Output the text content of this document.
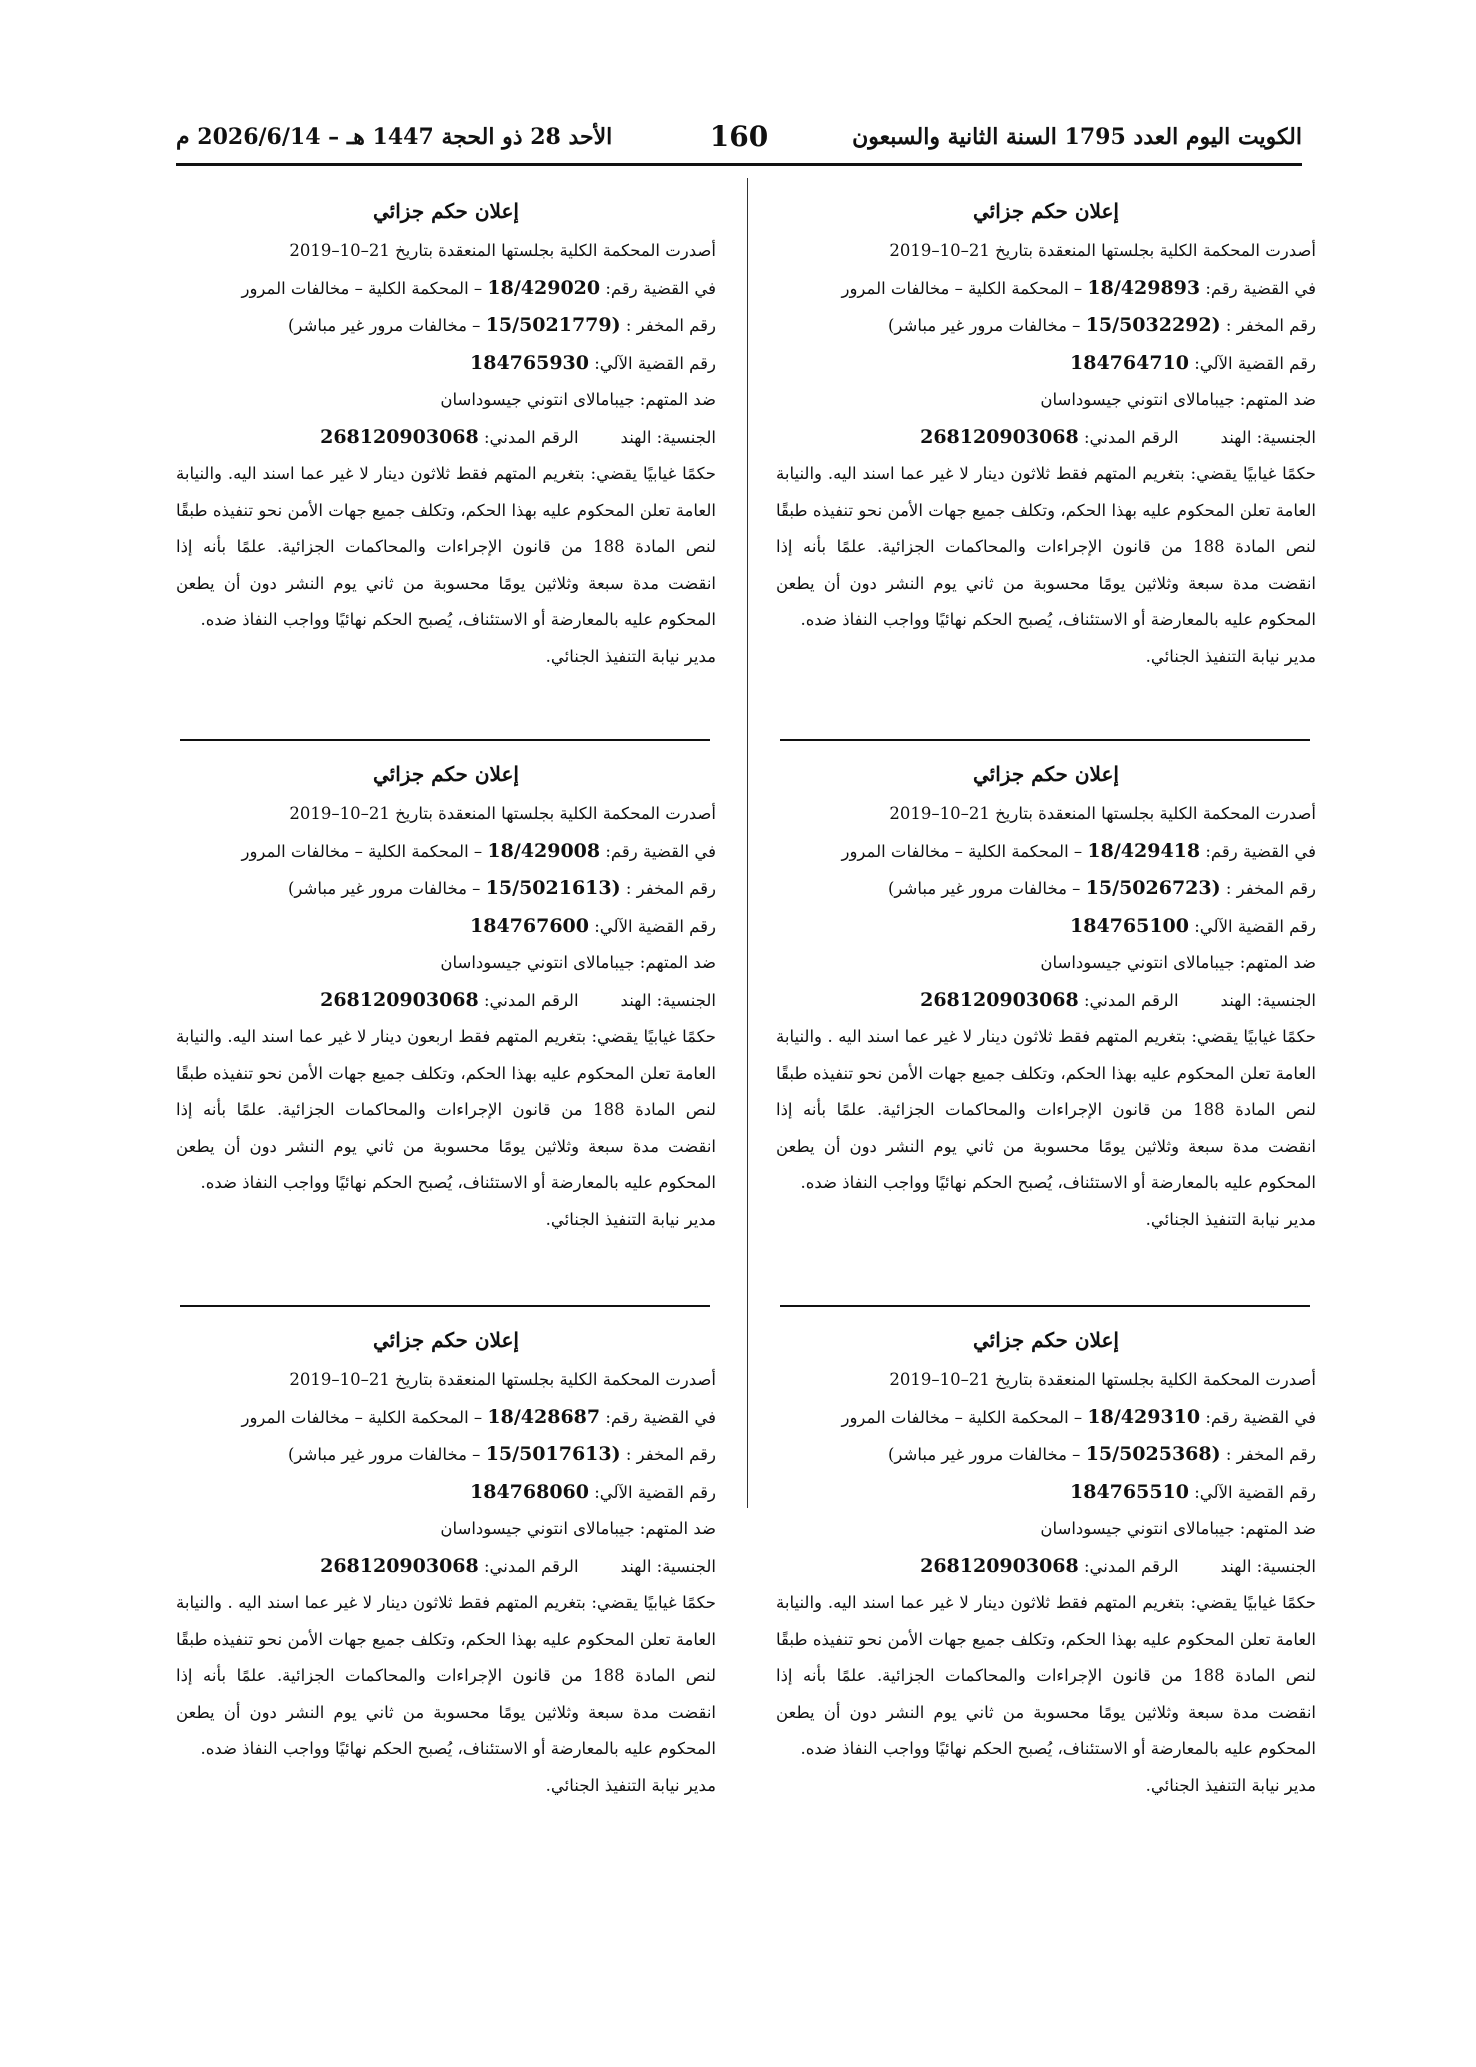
الكويت اليوم العدد 1795 السنة الثانية والسبعون
160
الأحد 28 ذو الحجة 1447 هـ – 2026/6/14 م
إعلان حكم جزائي
أصدرت المحكمة الكلية بجلستها المنعقدة بتاريخ 21–10–2019
في القضية رقم: 18/429893 – المحكمة الكلية – مخالفات المرور
رقم المخفر : (15/5032292 – مخالفات مرور غير مباشر)
رقم القضية الآلي: 184764710
ضد المتهم: جيبامالاى انتوني جيسوداسان
الجنسية: الهندالرقم المدني: 268120903068
حكمًا غيابيًا يقضي: بتغريم المتهم فقط ثلاثون دينار لا غير عما اسند اليه. والنيابة العامة تعلن المحكوم عليه بهذا الحكم، وتكلف جميع جهات الأمن نحو تنفيذه طبقًا لنص المادة 188 من قانون الإجراءات والمحاكمات الجزائية. علمًا بأنه إذا انقضت مدة سبعة وثلاثين يومًا محسوبة من ثاني يوم النشر دون أن يطعن المحكوم عليه بالمعارضة أو الاستئناف، يُصبح الحكم نهائيًا وواجب النفاذ ضده.
مدير نيابة التنفيذ الجنائي.
إعلان حكم جزائي
أصدرت المحكمة الكلية بجلستها المنعقدة بتاريخ 21–10–2019
في القضية رقم: 18/429020 – المحكمة الكلية – مخالفات المرور
رقم المخفر : (15/5021779 – مخالفات مرور غير مباشر)
رقم القضية الآلي: 184765930
ضد المتهم: جيبامالاى انتوني جيسوداسان
الجنسية: الهندالرقم المدني: 268120903068
حكمًا غيابيًا يقضي: بتغريم المتهم فقط ثلاثون دينار لا غير عما اسند اليه. والنيابة العامة تعلن المحكوم عليه بهذا الحكم، وتكلف جميع جهات الأمن نحو تنفيذه طبقًا لنص المادة 188 من قانون الإجراءات والمحاكمات الجزائية. علمًا بأنه إذا انقضت مدة سبعة وثلاثين يومًا محسوبة من ثاني يوم النشر دون أن يطعن المحكوم عليه بالمعارضة أو الاستئناف، يُصبح الحكم نهائيًا وواجب النفاذ ضده.
مدير نيابة التنفيذ الجنائي.
إعلان حكم جزائي
أصدرت المحكمة الكلية بجلستها المنعقدة بتاريخ 21–10–2019
في القضية رقم: 18/429418 – المحكمة الكلية – مخالفات المرور
رقم المخفر : (15/5026723 – مخالفات مرور غير مباشر)
رقم القضية الآلي: 184765100
ضد المتهم: جيبامالاى انتوني جيسوداسان
الجنسية: الهندالرقم المدني: 268120903068
حكمًا غيابيًا يقضي: بتغريم المتهم فقط ثلاثون دينار لا غير عما اسند اليه . والنيابة العامة تعلن المحكوم عليه بهذا الحكم، وتكلف جميع جهات الأمن نحو تنفيذه طبقًا لنص المادة 188 من قانون الإجراءات والمحاكمات الجزائية. علمًا بأنه إذا انقضت مدة سبعة وثلاثين يومًا محسوبة من ثاني يوم النشر دون أن يطعن المحكوم عليه بالمعارضة أو الاستئناف، يُصبح الحكم نهائيًا وواجب النفاذ ضده.
مدير نيابة التنفيذ الجنائي.
إعلان حكم جزائي
أصدرت المحكمة الكلية بجلستها المنعقدة بتاريخ 21–10–2019
في القضية رقم: 18/429008 – المحكمة الكلية – مخالفات المرور
رقم المخفر : (15/5021613 – مخالفات مرور غير مباشر)
رقم القضية الآلي: 184767600
ضد المتهم: جيبامالاى انتوني جيسوداسان
الجنسية: الهندالرقم المدني: 268120903068
حكمًا غيابيًا يقضي: بتغريم المتهم فقط اربعون دينار لا غير عما اسند اليه. والنيابة العامة تعلن المحكوم عليه بهذا الحكم، وتكلف جميع جهات الأمن نحو تنفيذه طبقًا لنص المادة 188 من قانون الإجراءات والمحاكمات الجزائية. علمًا بأنه إذا انقضت مدة سبعة وثلاثين يومًا محسوبة من ثاني يوم النشر دون أن يطعن المحكوم عليه بالمعارضة أو الاستئناف، يُصبح الحكم نهائيًا وواجب النفاذ ضده.
مدير نيابة التنفيذ الجنائي.
إعلان حكم جزائي
أصدرت المحكمة الكلية بجلستها المنعقدة بتاريخ 21–10–2019
في القضية رقم: 18/429310 – المحكمة الكلية – مخالفات المرور
رقم المخفر : (15/5025368 – مخالفات مرور غير مباشر)
رقم القضية الآلي: 184765510
ضد المتهم: جيبامالاى انتوني جيسوداسان
الجنسية: الهندالرقم المدني: 268120903068
حكمًا غيابيًا يقضي: بتغريم المتهم فقط ثلاثون دينار لا غير عما اسند اليه. والنيابة العامة تعلن المحكوم عليه بهذا الحكم، وتكلف جميع جهات الأمن نحو تنفيذه طبقًا لنص المادة 188 من قانون الإجراءات والمحاكمات الجزائية. علمًا بأنه إذا انقضت مدة سبعة وثلاثين يومًا محسوبة من ثاني يوم النشر دون أن يطعن المحكوم عليه بالمعارضة أو الاستئناف، يُصبح الحكم نهائيًا وواجب النفاذ ضده.
مدير نيابة التنفيذ الجنائي.
إعلان حكم جزائي
أصدرت المحكمة الكلية بجلستها المنعقدة بتاريخ 21–10–2019
في القضية رقم: 18/428687 – المحكمة الكلية – مخالفات المرور
رقم المخفر : (15/5017613 – مخالفات مرور غير مباشر)
رقم القضية الآلي: 184768060
ضد المتهم: جيبامالاى انتوني جيسوداسان
الجنسية: الهندالرقم المدني: 268120903068
حكمًا غيابيًا يقضي: بتغريم المتهم فقط ثلاثون دينار لا غير عما اسند اليه . والنيابة العامة تعلن المحكوم عليه بهذا الحكم، وتكلف جميع جهات الأمن نحو تنفيذه طبقًا لنص المادة 188 من قانون الإجراءات والمحاكمات الجزائية. علمًا بأنه إذا انقضت مدة سبعة وثلاثين يومًا محسوبة من ثاني يوم النشر دون أن يطعن المحكوم عليه بالمعارضة أو الاستئناف، يُصبح الحكم نهائيًا وواجب النفاذ ضده.
مدير نيابة التنفيذ الجنائي.
